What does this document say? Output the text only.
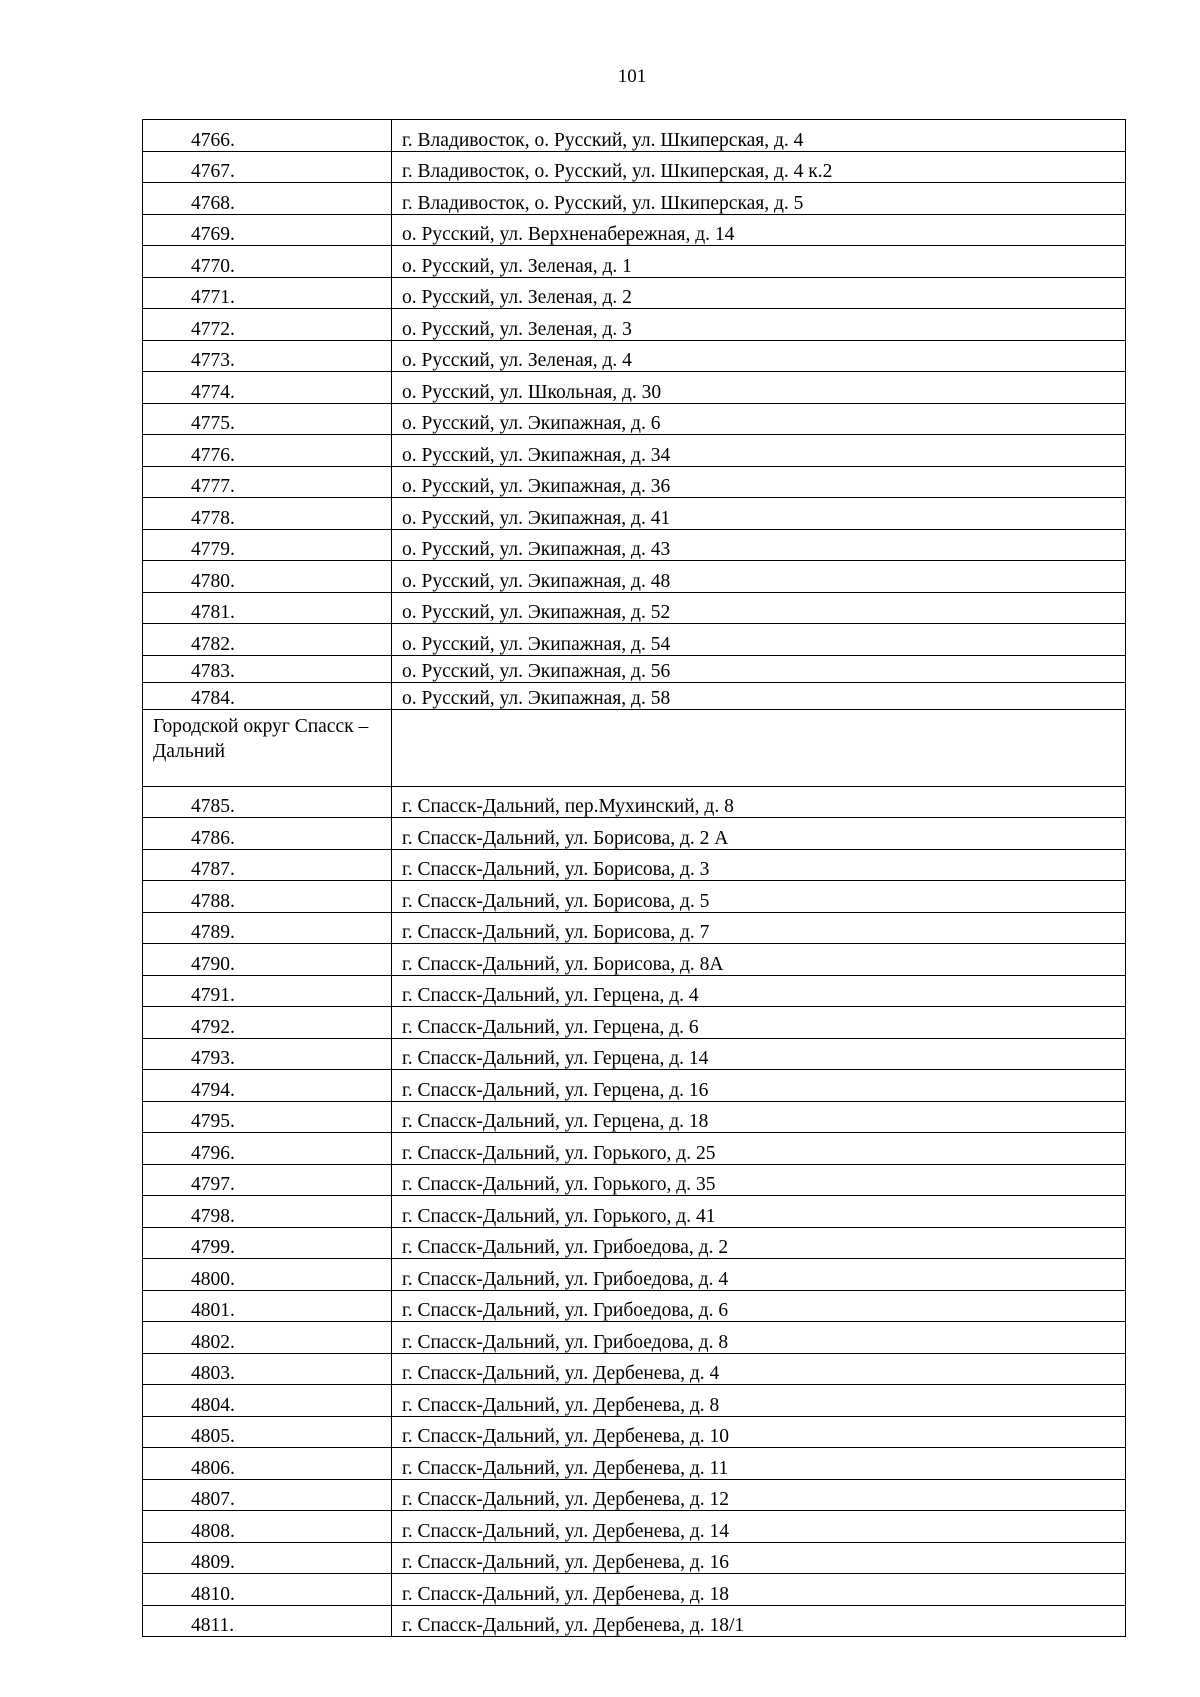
101
4766.	г. Владивосток, о. Русский, ул. Шкиперская, д. 4
4767.	г. Владивосток, о. Русский, ул. Шкиперская, д. 4 к.2
4768.	г. Владивосток, о. Русский, ул. Шкиперская, д. 5
4769.	о. Русский, ул. Верхненабережная, д. 14
4770.	о. Русский, ул. Зеленая, д. 1
4771.	о. Русский, ул. Зеленая, д. 2
4772.	о. Русский, ул. Зеленая, д. 3
4773.	о. Русский, ул. Зеленая, д. 4
4774.	о. Русский, ул. Школьная, д. 30
4775.	о. Русский, ул. Экипажная, д. 6
4776.	о. Русский, ул. Экипажная, д. 34
4777.	о. Русский, ул. Экипажная, д. 36
4778.	о. Русский, ул. Экипажная, д. 41
4779.	о. Русский, ул. Экипажная, д. 43
4780.	о. Русский, ул. Экипажная, д. 48
4781.	о. Русский, ул. Экипажная, д. 52
4782.	о. Русский, ул. Экипажная, д. 54
4783.	о. Русский, ул. Экипажная, д. 56
4784.	о. Русский, ул. Экипажная, д. 58
Городской округ Спасск – Дальний	
4785.	г. Спасск-Дальний, пер.Мухинский, д. 8
4786.	г. Спасск-Дальний, ул. Борисова, д. 2 А
4787.	г. Спасск-Дальний, ул. Борисова, д. 3
4788.	г. Спасск-Дальний, ул. Борисова, д. 5
4789.	г. Спасск-Дальний, ул. Борисова, д. 7
4790.	г. Спасск-Дальний, ул. Борисова, д. 8А
4791.	г. Спасск-Дальний, ул. Герцена, д. 4
4792.	г. Спасск-Дальний, ул. Герцена, д. 6
4793.	г. Спасск-Дальний, ул. Герцена, д. 14
4794.	г. Спасск-Дальний, ул. Герцена, д. 16
4795.	г. Спасск-Дальний, ул. Герцена, д. 18
4796.	г. Спасск-Дальний, ул. Горького, д. 25
4797.	г. Спасск-Дальний, ул. Горького, д. 35
4798.	г. Спасск-Дальний, ул. Горького, д. 41
4799.	г. Спасск-Дальний, ул. Грибоедова, д. 2
4800.	г. Спасск-Дальний, ул. Грибоедова, д. 4
4801.	г. Спасск-Дальний, ул. Грибоедова, д. 6
4802.	г. Спасск-Дальний, ул. Грибоедова, д. 8
4803.	г. Спасск-Дальний, ул. Дербенева, д. 4
4804.	г. Спасск-Дальний, ул. Дербенева, д. 8
4805.	г. Спасск-Дальний, ул. Дербенева, д. 10
4806.	г. Спасск-Дальний, ул. Дербенева, д. 11
4807.	г. Спасск-Дальний, ул. Дербенева, д. 12
4808.	г. Спасск-Дальний, ул. Дербенева, д. 14
4809.	г. Спасск-Дальний, ул. Дербенева, д. 16
4810.	г. Спасск-Дальний, ул. Дербенева, д. 18
4811.	г. Спасск-Дальний, ул. Дербенева, д. 18/1
